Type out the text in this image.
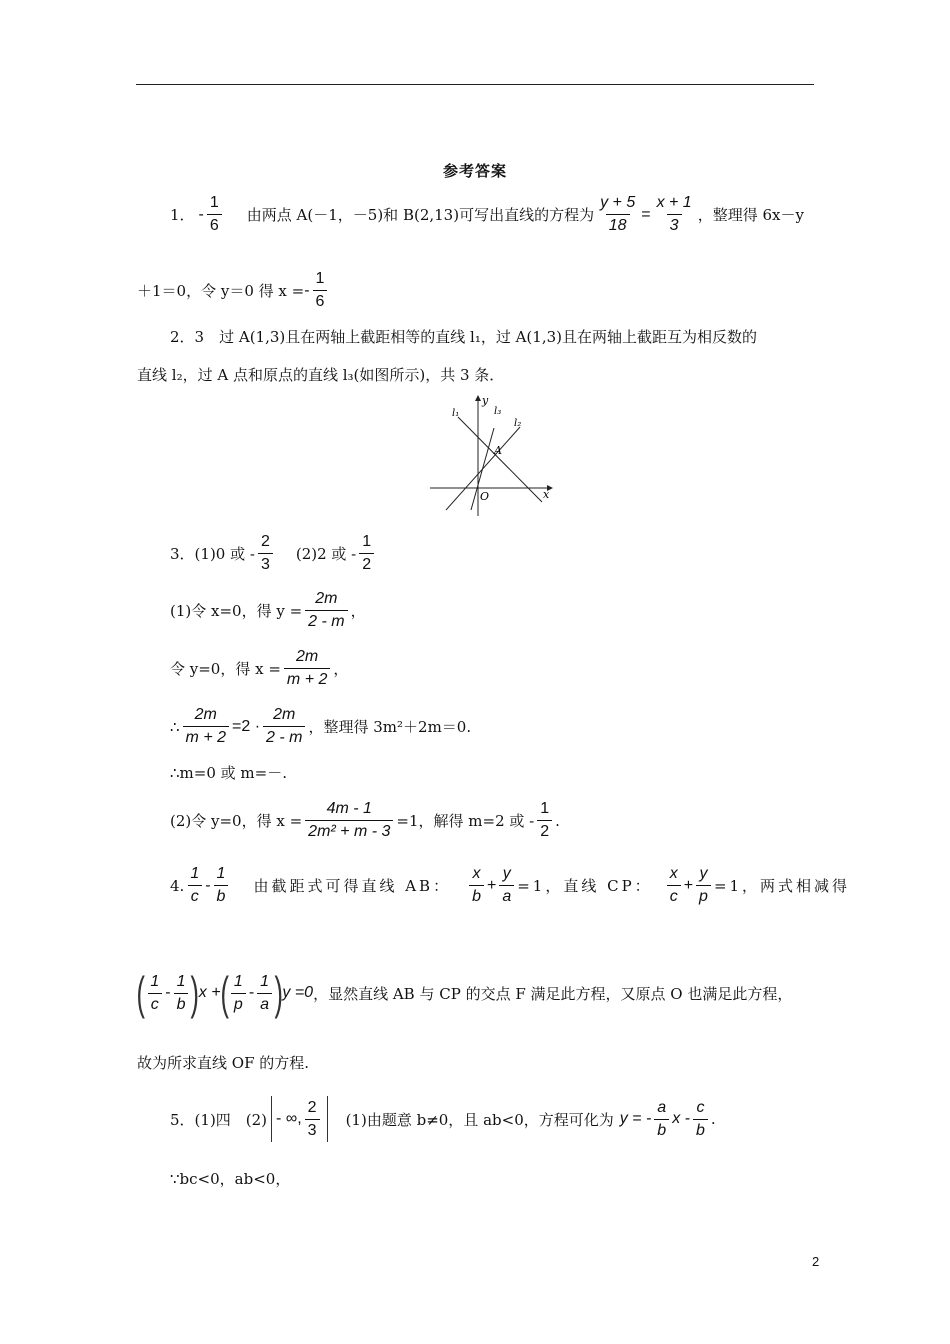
参考答案
1． - $\frac{1}{6}$ 由两点 A(－1，－5)和 B(2,13)可写出直线的方程为 $\frac{y + 5}{18} = \frac{x + 1}{3}$ ，整理得 6x－y
＋1＝0，令 y＝0 得 x = - $\frac{1}{6}$
2．3　过 A(1,3)且在两轴上截距相等的直线 l₁，过 A(1,3)且在两轴上截距互为相反数的
直线 l₂，过 A 点和原点的直线 l₃(如图所示)，共 3 条．
y
x
O
A
l₁
l₂
l₃
3．(1)0 或 - $\frac{2}{3} (2)2$ 或 - $\frac{1}{2}$
(1)令 x=0，得 $y = \frac{2m}{2 - m}$ ，
令 y=0，得 $x = \frac{2m}{m + 2}$ ，
∴ $\frac{2m}{m + 2} =2 \cdot \frac{2m}{2 - m}$ ，整理得 3m²＋2m＝0.
∴m=0 或 m=－.
(2)令 y=0，得 $x = \frac{4m - 1}{\text{2m² + m - 3}} =1$，解得 m=2 或 - $\frac{1}{2}$ .
4. $\frac{1}{c} - \frac{1}{b}$ 由截距式可得直线 AB： $\frac{x}{b} + \frac{y}{a} =1$，直线 CP： $\frac{x}{c} + \frac{y}{p} =1$，两式相减得
( $\frac{1}{c} - \frac{1}{b}$ ) x + ( $\frac{1}{p} - \frac{1}{a}$ ) y =0 ，显然直线 AB 与 CP 的交点 F 满足此方程，又原点 O 也满足此方程，
故为所求直线 OF 的方程.
5．(1)四　(2) - ∞, $\frac{2}{3} (1)$由题意 b≠0，且 ab<0，方程可化为 y = - $\frac{a}{b}$ x - $\frac{c}{b}$ .
∵bc<0，ab<0，
2
